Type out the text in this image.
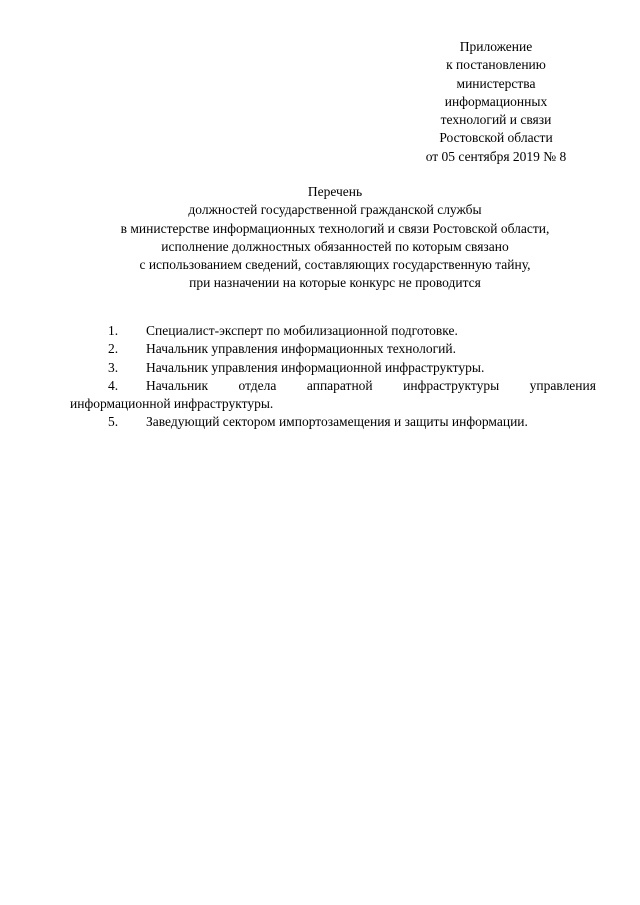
Приложение
к постановлению
министерства
информационных
технологий и связи
Ростовской области
от 05 сентября 2019 № 8
Перечень
должностей государственной гражданской службы
в министерстве информационных технологий и связи Ростовской области,
исполнение должностных обязанностей по которым связано
с использованием сведений, составляющих государственную тайну,
при назначении на которые конкурс не проводится
1.	Специалист-эксперт по мобилизационной подготовке.
2.	Начальник управления информационных технологий.
3.	Начальник управления информационной инфраструктуры.
4.	Начальник отдела аппаратной инфраструктуры управления
информационной инфраструктуры.
5.	Заведующий сектором импортозамещения и защиты информации.
